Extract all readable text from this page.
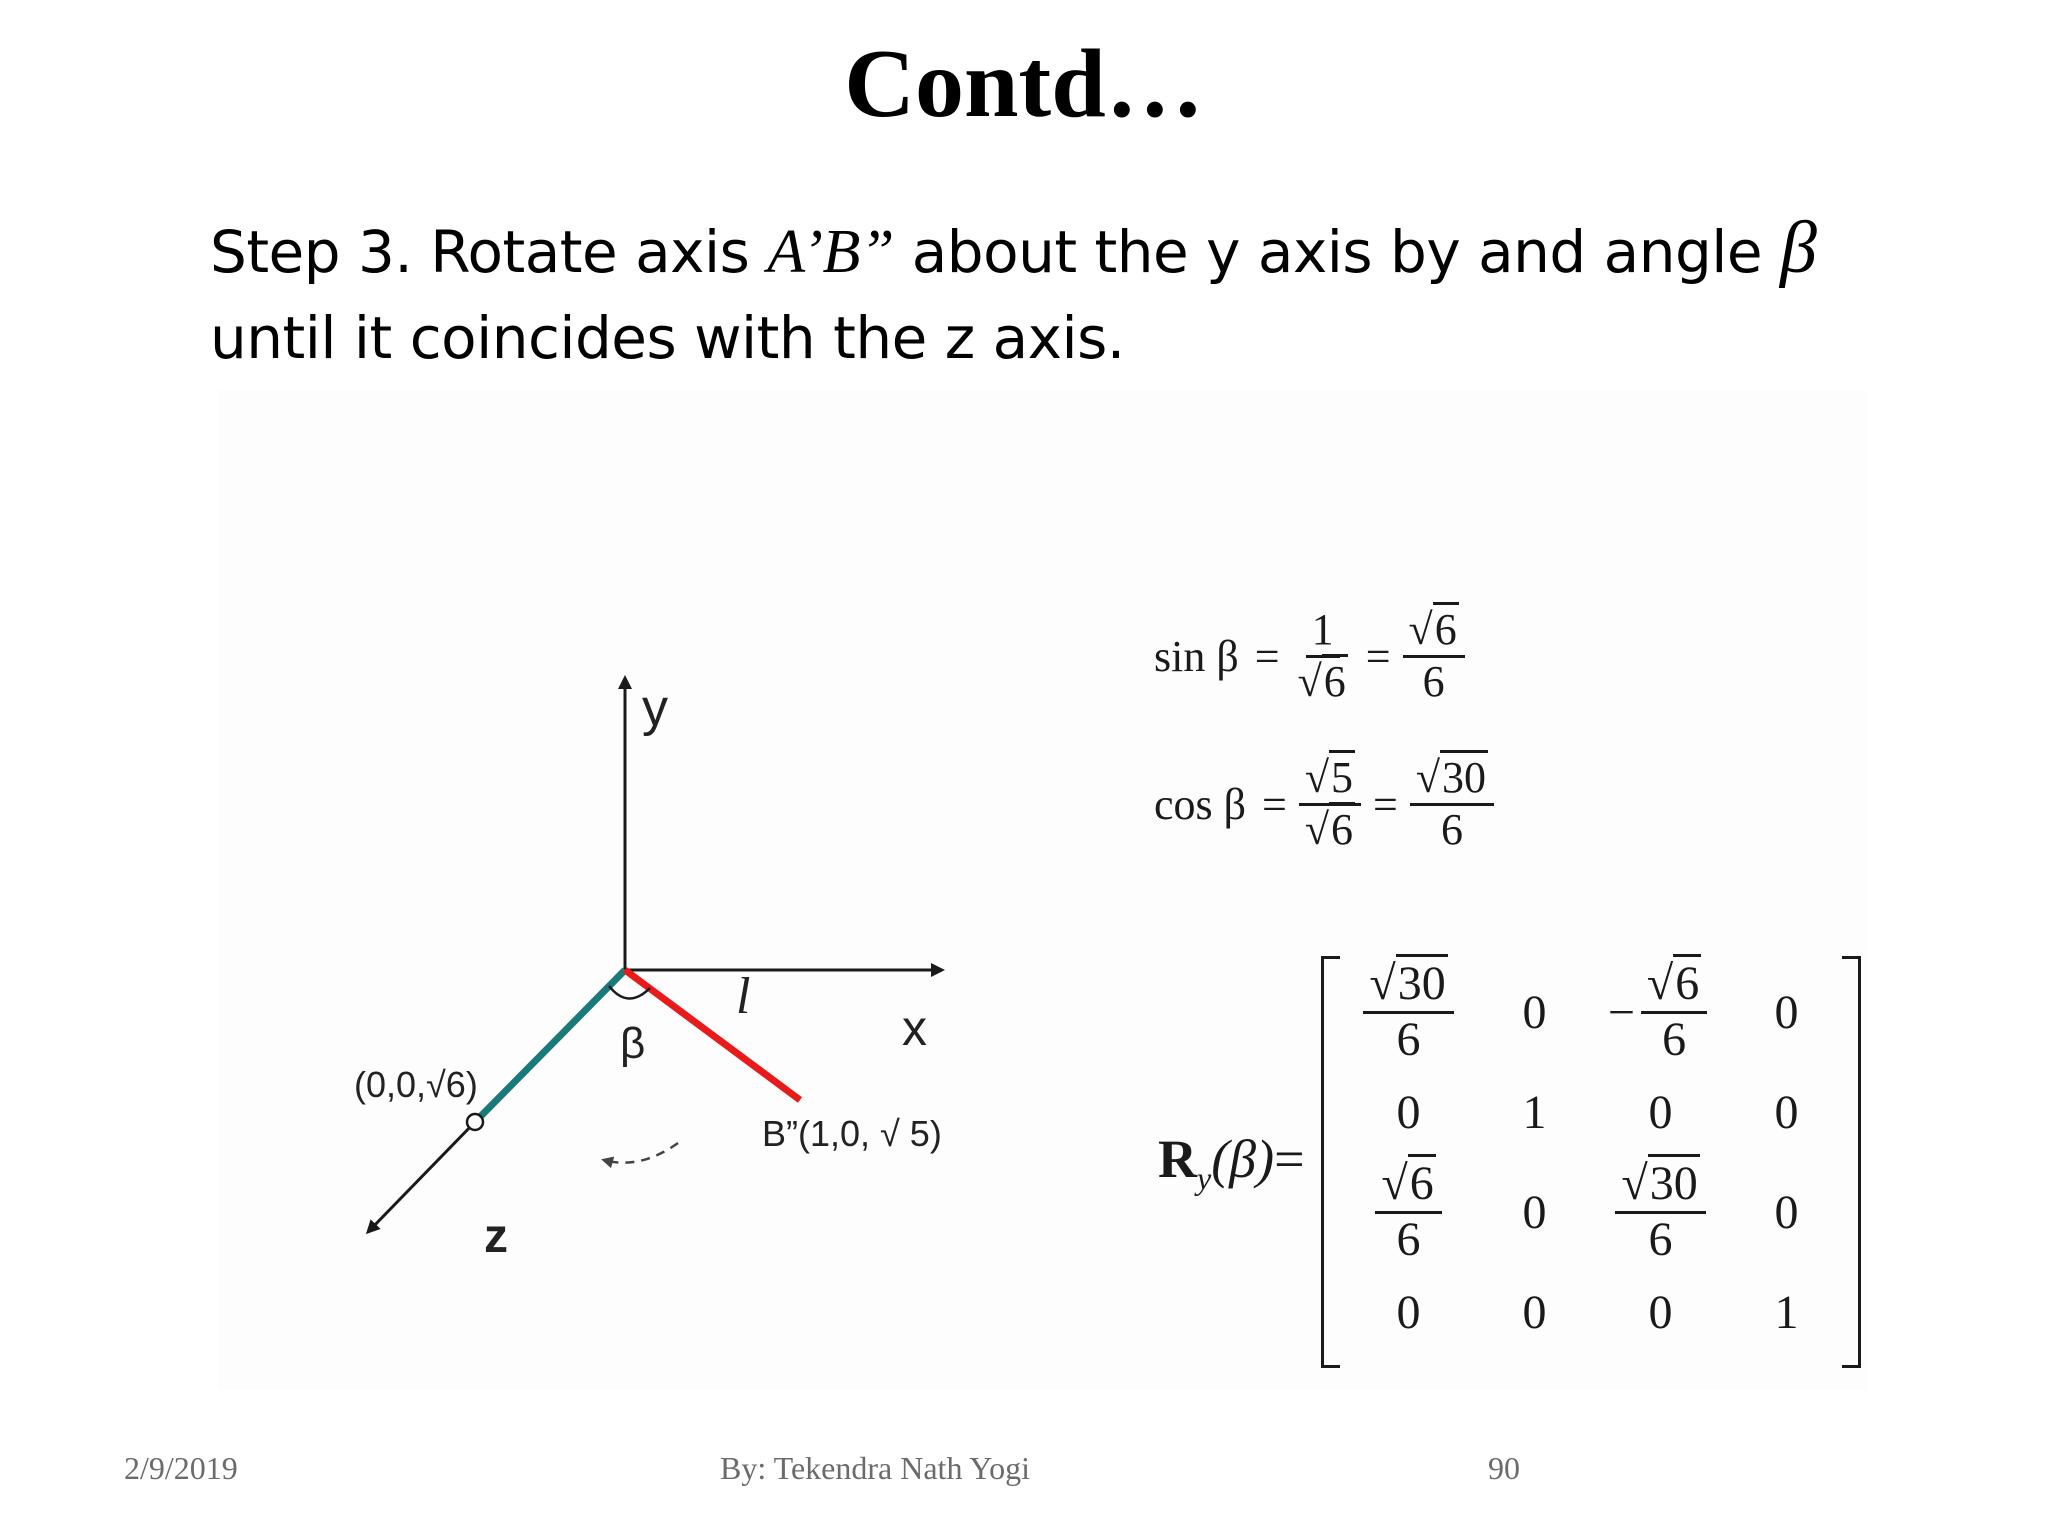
Contd…
Step 3. Rotate axis A’B” about the y axis by and angle β
until it coincides with the z axis.
y
x
z
l
β
(0,0,√6)
B”(1,0, √ 5)
$\sin \beta = \frac{1}{√6} = \frac{√6}{6}$
$\cos \beta = \frac{√5}{√6} = \frac{√30}{6}$
$R_y(\beta)=$
$\frac{√30}{6}$	0	− $\frac{√6}{6}$	0
0	1	0	0
$\frac{√6}{6}$	0	$\frac{√30}{6}$	0
0	0	0	1
2/9/2019	By: Tekendra Nath Yogi	90
